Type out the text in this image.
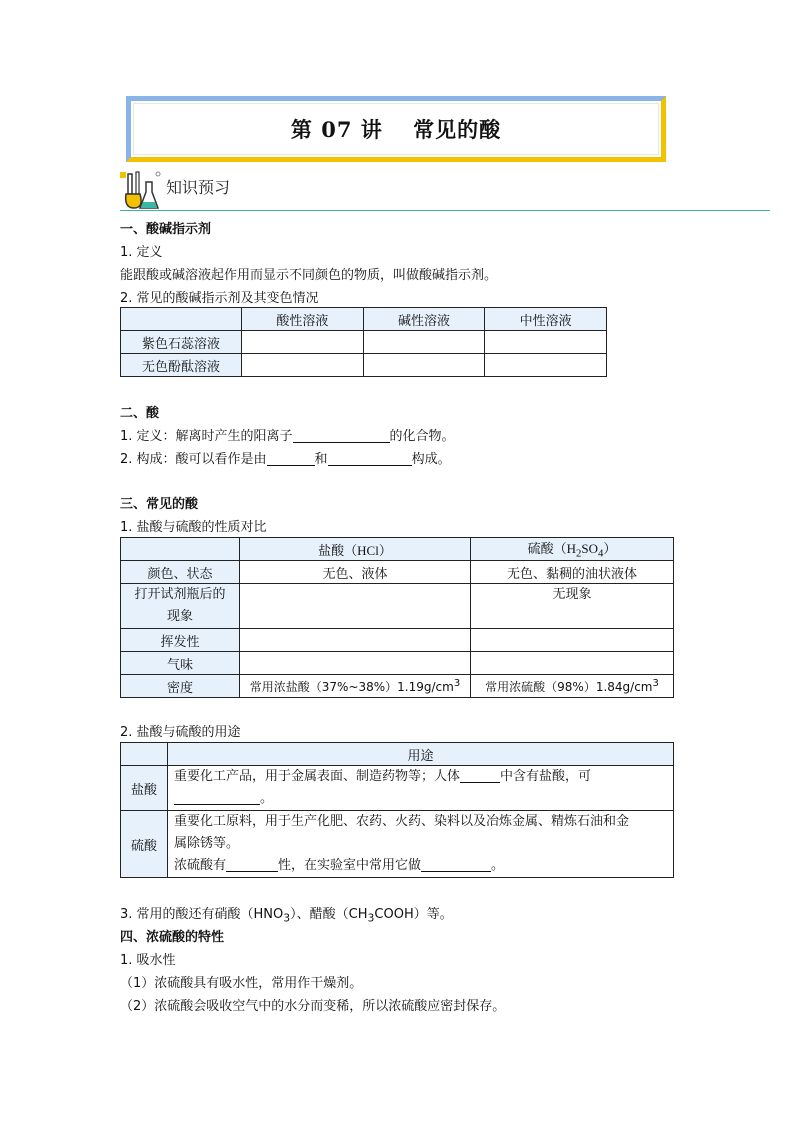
第 07 讲　 常见的酸
知识预习
一、酸碱指示剂
1. 定义
能跟酸或碱溶液起作用而显示不同颜色的物质，叫做酸碱指示剂。
2. 常见的酸碱指示剂及其变色情况
	酸性溶液	碱性溶液	中性溶液
紫色石蕊溶液			
无色酚酞溶液			
二、酸
1. 定义：解离时产生的阳离子	的化合物。
2. 构成：酸可以看作是由	和	构成。
三、常见的酸
1. 盐酸与硫酸的性质对比
	盐酸（HCl）	硫酸$(H_2SO_4)$
颜色、状态	无色、液体	无色、黏稠的油状液体
打开试剂瓶后的
现象		无现象
挥发性		
气味		
密度	常用浓盐酸$(37\%\sim 38\%)1.19g/cm^3$	常用浓硫酸$(98\%)1.84g/cm^3$
2. 盐酸与硫酸的用途
	用途
盐酸	重要化工产品，用于金属表面、制造药物等；人体 中含有盐酸，可
。
硫酸	重要化工原料，用于生产化肥、农药、火药、染料以及冶炼金属、精炼石油和金
属除锈等。
浓硫酸有 性，在实验室中常用它做 。
3. 常用的酸还有硝酸$(HNO_3)$、醋酸$(CH_3COOH)$等。
四、浓硫酸的特性
1. 吸水性
（1）浓硫酸具有吸水性，常用作干燥剂。
（2）浓硫酸会吸收空气中的水分而变稀，所以浓硫酸应密封保存。
